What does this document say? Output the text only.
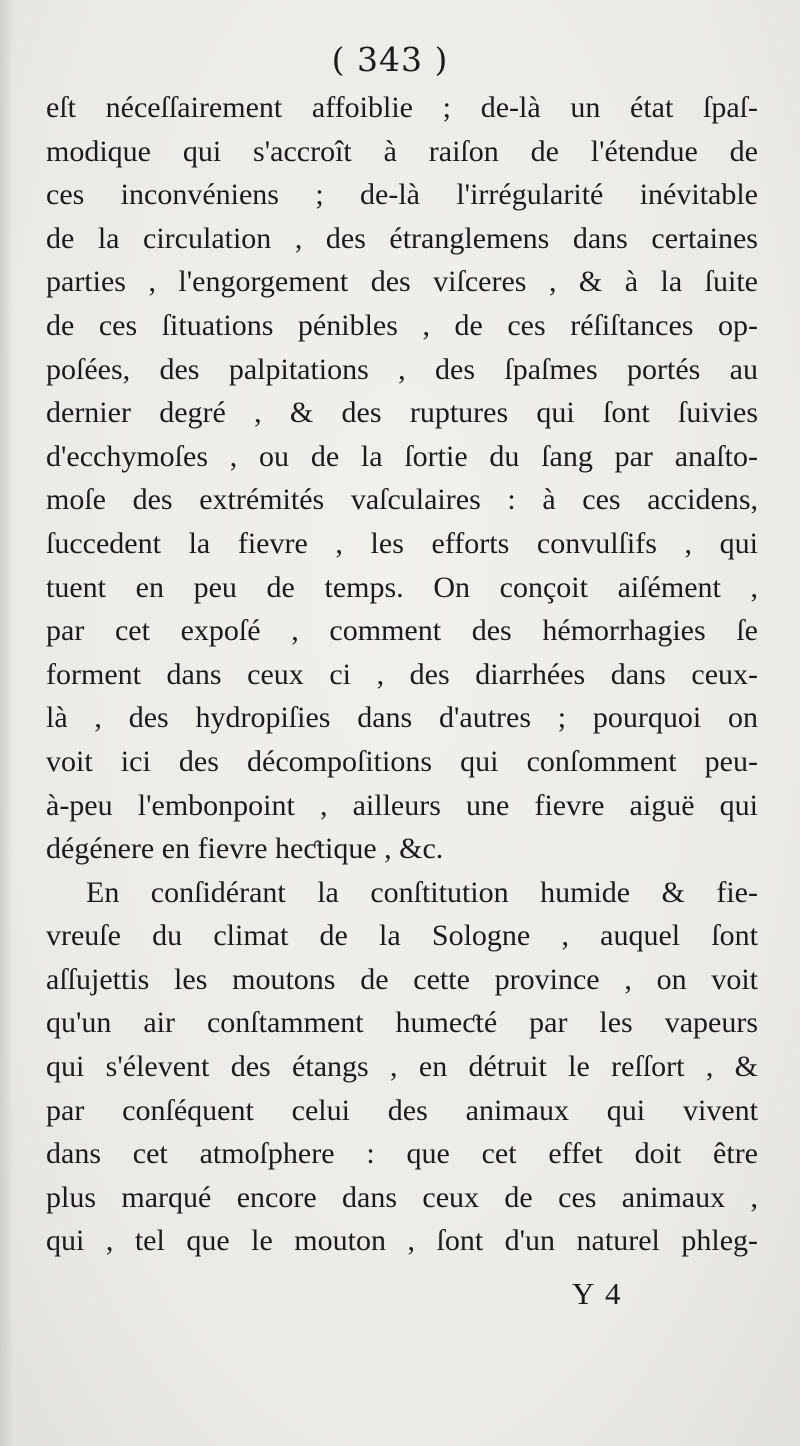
( 343 )
eſt néceſſairement affoiblie ; de-là un état ſpaſ-
modique qui s'accroît à raiſon de l'étendue de
ces inconvéniens ; de-là l'irrégularité inévitable
de la circulation , des étranglemens dans certaines
parties , l'engorgement des viſceres , & à la ſuite
de ces ſituations pénibles , de ces réſiſtances op-
poſées, des palpitations , des ſpaſmes portés au
dernier degré , & des ruptures qui ſont ſuivies
d'ecchymoſes , ou de la ſortie du ſang par anaſto-
moſe des extrémités vaſculaires : à ces accidens,
ſuccedent la fievre , les efforts convulſifs , qui
tuent en peu de temps. On conçoit aiſément ,
par cet expoſé , comment des hémorrhagies ſe
forment dans ceux ci , des diarrhées dans ceux-
là , des hydropiſies dans d'autres ; pourquoi on
voit ici des décompoſitions qui conſomment peu-
à-peu l'embonpoint , ailleurs une fievre aiguë qui
dégénere en fievre heƈtique , &c.
En conſidérant la conſtitution humide & fie-
vreuſe du climat de la Sologne , auquel ſont
aſſujettis les moutons de cette province , on voit
qu'un air conſtamment humeƈté par les vapeurs
qui s'élevent des étangs , en détruit le reſſort , &
par conſéquent celui des animaux qui vivent
dans cet atmoſphere : que cet effet doit être
plus marqué encore dans ceux de ces animaux ,
qui , tel que le mouton , ſont d'un naturel phleg-
Y 4
